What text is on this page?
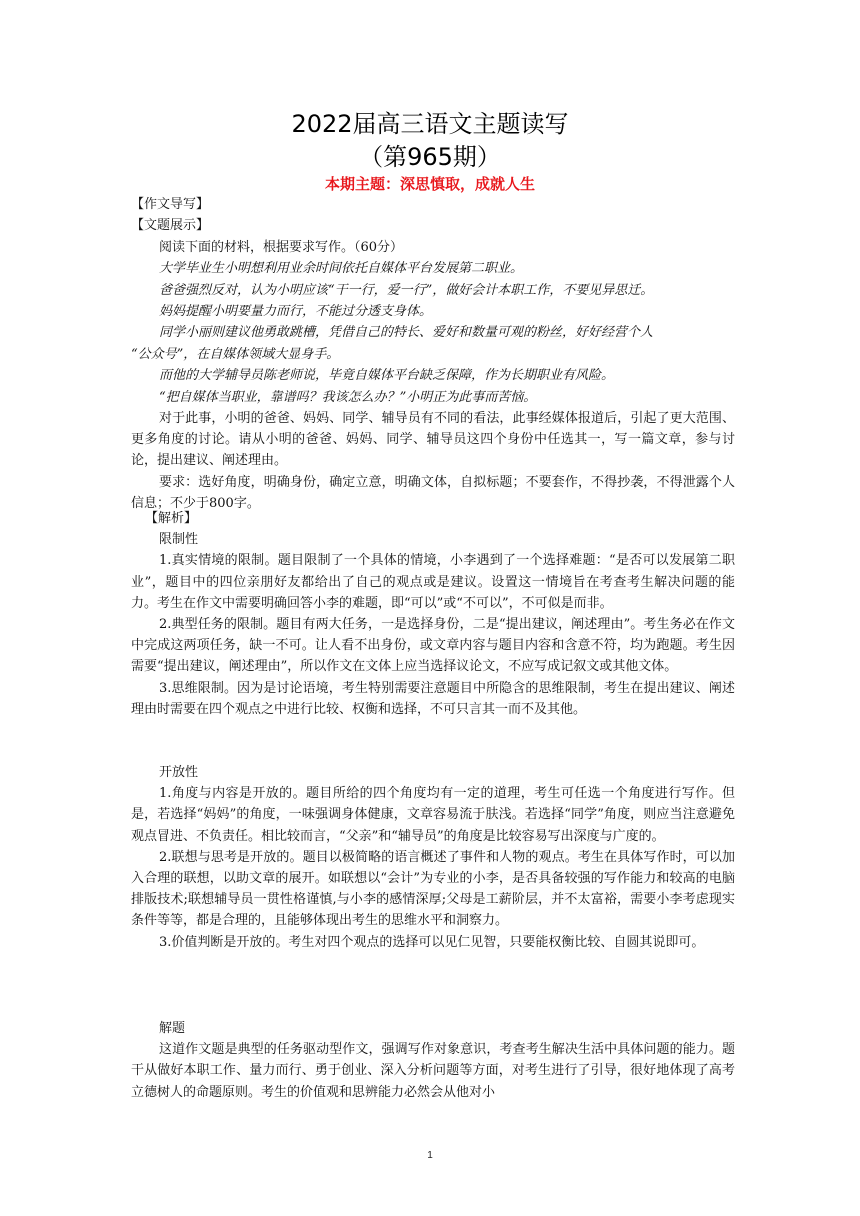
2022届高三语文主题读写
（第965期）
本期主题：深思慎取，成就人生
【作文导写】
【文题展示】
阅读下面的材料，根据要求写作。（60分）
大学毕业生小明想利用业余时间依托自媒体平台发展第二职业。
爸爸强烈反对，认为小明应该“干一行，爱一行”，做好会计本职工作，不要见异思迁。
妈妈提醒小明要量力而行，不能过分透支身体。
同学小丽则建议他勇敢跳槽，凭借自己的特长、爱好和数量可观的粉丝，好好经营个人
“公众号”，在自媒体领域大显身手。
而他的大学辅导员陈老师说，毕竟自媒体平台缺乏保障，作为长期职业有风险。
“把自媒体当职业，靠谱吗？我该怎么办？”小明正为此事而苦恼。

对于此事，小明的爸爸、妈妈、同学、辅导员有不同的看法，此事经媒体报道后，引起了更大范围、更多角度的讨论。请从小明的爸爸、妈妈、同学、辅导员这四个身份中任选其一，写一篇文章，参与讨论，提出建议、阐述理由。

要求：选好角度，明确身份，确定立意，明确文体，自拟标题；不要套作，不得抄袭，不得泄露个人信息；不少于800字。

【解析】

限制性

1.真实情境的限制。题目限制了一个具体的情境，小李遇到了一个选择难题：“是否可以发展第二职业”，题目中的四位亲朋好友都给出了自己的观点或是建议。设置这一情境旨在考查考生解决问题的能力。考生在作文中需要明确回答小李的难题，即“可以”或“不可以”，不可似是而非。

2.典型任务的限制。题目有两大任务，一是选择身份，二是“提出建议，阐述理由”。考生务必在作文中完成这两项任务，缺一不可。让人看不出身份，或文章内容与题目内容和含意不符，均为跑题。考生因需要“提出建议，阐述理由”，所以作文在文体上应当选择议论文，不应写成记叙文或其他文体。

3.思维限制。因为是讨论语境，考生特别需要注意题目中所隐含的思维限制，考生在提出建议、阐述理由时需要在四个观点之中进行比较、权衡和选择，不可只言其一而不及其他。

开放性

1.角度与内容是开放的。题目所给的四个角度均有一定的道理，考生可任选一个角度进行写作。但是，若选择“妈妈”的角度，一味强调身体健康，文章容易流于肤浅。若选择“同学”角度，则应当注意避免观点冒进、不负责任。相比较而言，“父亲”和“辅导员”的角度是比较容易写出深度与广度的。

2.联想与思考是开放的。题目以极简略的语言概述了事件和人物的观点。考生在具体写作时，可以加入合理的联想，以助文章的展开。如联想以“会计”为专业的小李，是否具备较强的写作能力和较高的电脑排版技术;联想辅导员一贯性格谨慎,与小李的感情深厚;父母是工薪阶层，并不太富裕，需要小李考虑现实条件等等，都是合理的，且能够体现出考生的思维水平和洞察力。

3.价值判断是开放的。考生对四个观点的选择可以见仁见智，只要能权衡比较、自圆其说即可。

解题

这道作文题是典型的任务驱动型作文，强调写作对象意识，考查考生解决生活中具体问题的能力。题干从做好本职工作、量力而行、勇于创业、深入分析问题等方面，对考生进行了引导，很好地体现了高考立德树人的命题原则。考生的价值观和思辨能力必然会从他对小

1
